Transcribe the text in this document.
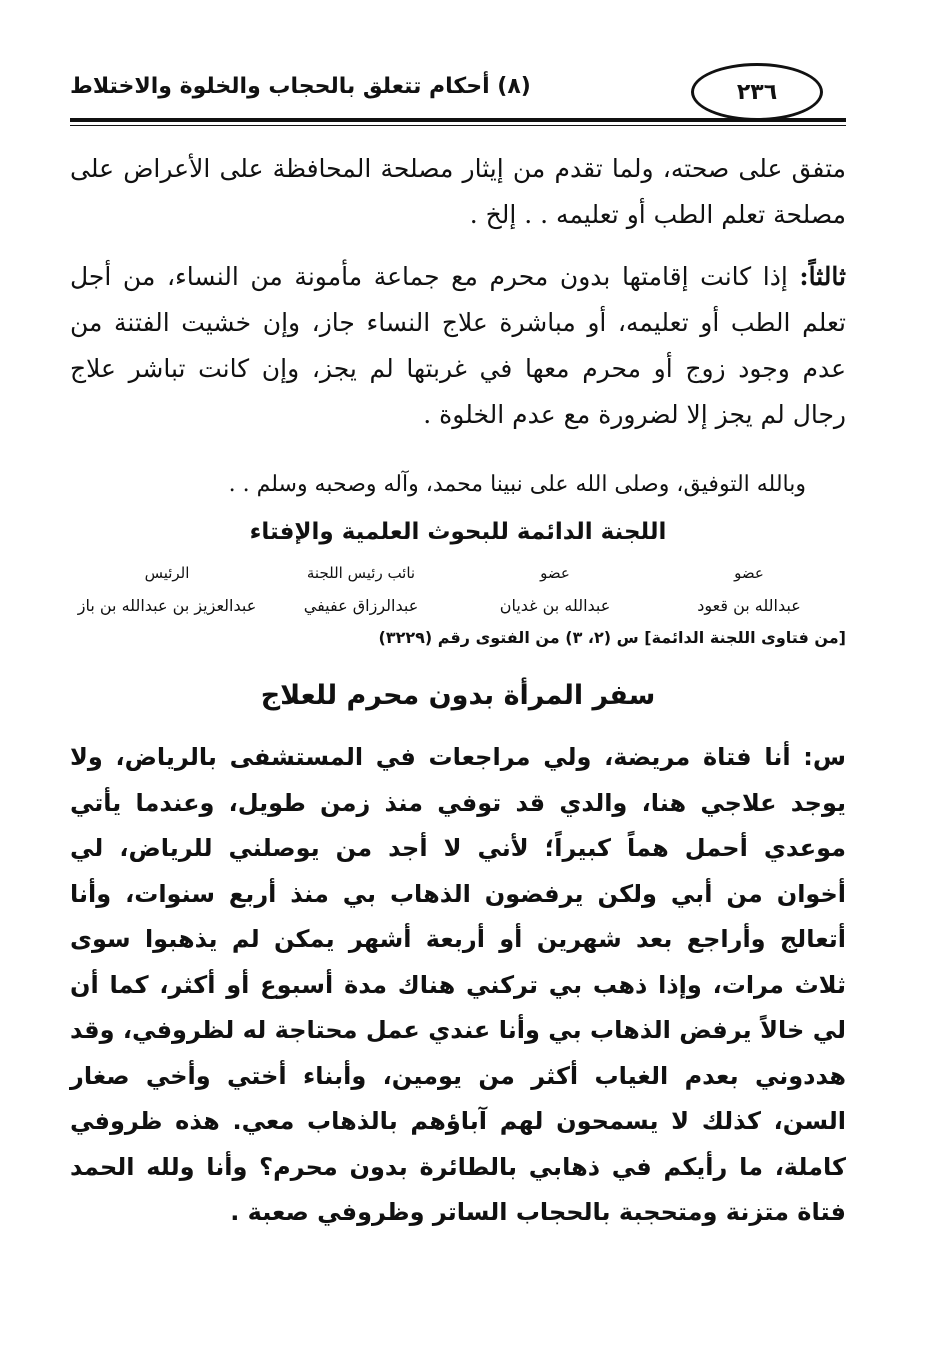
(٨) أحكام تتعلق بالحجاب والخلوة والاختلاط	٢٣٦
متفق على صحته، ولما تقدم من إيثار مصلحة المحافظة على الأعراض على مصلحة تعلم الطب أو تعليمه . . إلخ .
ثالثاً: إذا كانت إقامتها بدون محرم مع جماعة مأمونة من النساء، من أجل تعلم الطب أو تعليمه، أو مباشرة علاج النساء جاز، وإن خشيت الفتنة من عدم وجود زوج أو محرم معها في غربتها لم يجز، وإن كانت تباشر علاج رجال لم يجز إلا لضرورة مع عدم الخلوة .
وبالله التوفيق، وصلى الله على نبينا محمد، وآله وصحبه وسلم . .
اللجنة الدائمة للبحوث العلمية والإفتاء
عضو
عضو
نائب رئيس اللجنة
الرئيس
عبدالله بن قعود
عبدالله بن غديان
عبدالرزاق عفيفي
عبدالعزيز بن عبدالله بن باز
[من فتاوى اللجنة الدائمة] س (٢، ٣) من الفتوى رقم (٣٢٢٩)
سفر المرأة بدون محرم للعلاج
س: أنا فتاة مريضة، ولي مراجعات في المستشفى بالرياض، ولا يوجد علاجي هنا، والدي قد توفي منذ زمن طويل، وعندما يأتي موعدي أحمل هماً كبيراً؛ لأني لا أجد من يوصلني للرياض، لي أخوان من أبي ولكن يرفضون الذهاب بي منذ أربع سنوات، وأنا أتعالج وأراجع بعد شهرين أو أربعة أشهر يمكن لم يذهبوا سوى ثلاث مرات، وإذا ذهب بي تركني هناك مدة أسبوع أو أكثر، كما أن لي خالاً يرفض الذهاب بي وأنا عندي عمل محتاجة له لظروفي، وقد هددوني بعدم الغياب أكثر من يومين، وأبناء أختي وأخي صغار السن، كذلك لا يسمحون لهم آباؤهم بالذهاب معي. هذه ظروفي كاملة، ما رأيكم في ذهابي بالطائرة بدون محرم؟ وأنا ولله الحمد فتاة متزنة ومتحجبة بالحجاب الساتر وظروفي صعبة .
